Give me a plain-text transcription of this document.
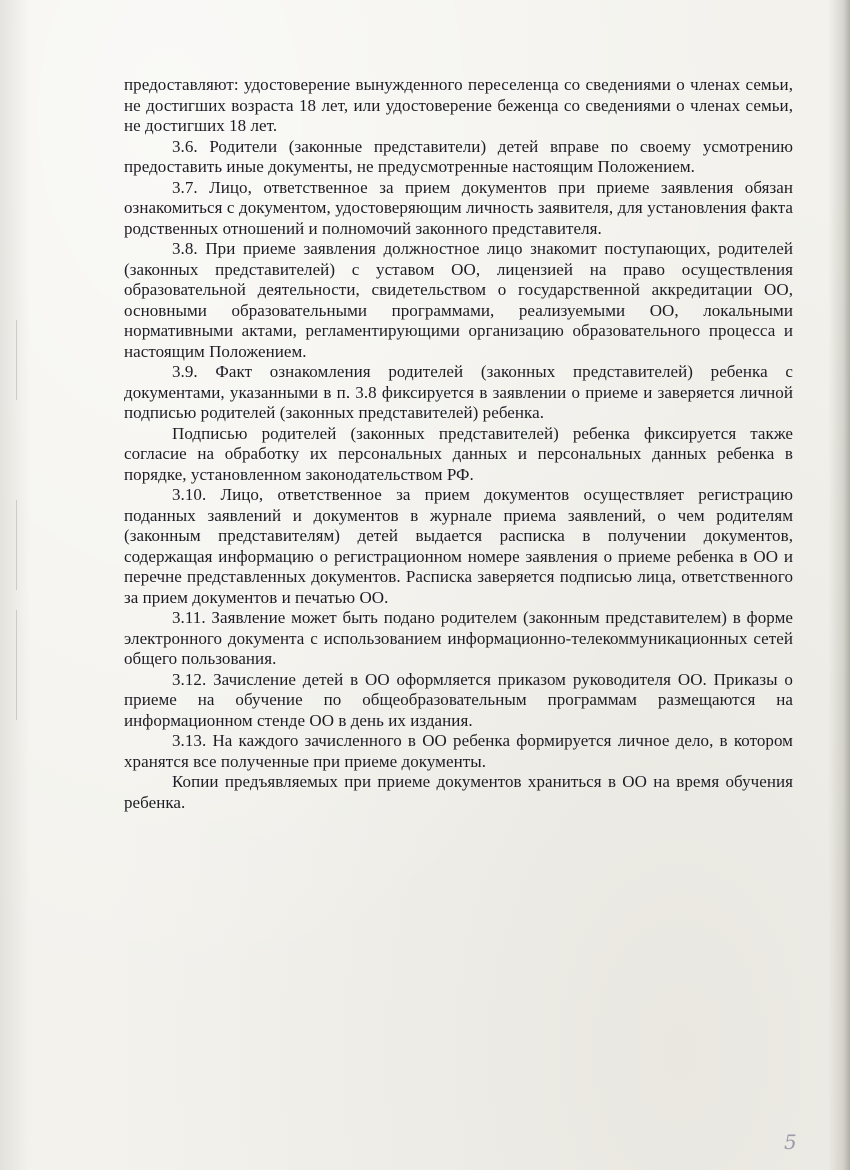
предоставляют: удостоверение вынужденного переселенца со сведениями о членах семьи, не достигших возраста 18 лет, или удостоверение беженца со сведениями о членах семьи, не достигших 18 лет.

3.6. Родители (законные представители) детей вправе по своему усмотрению предоставить иные документы, не предусмотренные настоящим Положением.

3.7. Лицо, ответственное за прием документов при приеме заявления обязан ознакомиться с документом, удостоверяющим личность заявителя, для установления факта родственных отношений и полномочий законного представителя.

3.8. При приеме заявления должностное лицо знакомит поступающих, родителей (законных представителей) с уставом ОО, лицензией на право осуществления образовательной деятельности, свидетельством о государственной аккредитации ОО, основными образовательными программами, реализуемыми ОО, локальными нормативными актами, регламентирующими организацию образовательного процесса и настоящим Положением.

3.9. Факт ознакомления родителей (законных представителей) ребенка с документами, указанными в п. 3.8 фиксируется в заявлении о приеме и заверяется личной подписью родителей (законных представителей) ребенка.

Подписью родителей (законных представителей) ребенка фиксируется также согласие на обработку их персональных данных и персональных данных ребенка в порядке, установленном законодательством РФ.

3.10. Лицо, ответственное за прием документов осуществляет регистрацию поданных заявлений и документов в журнале приема заявлений, о чем родителям (законным представителям) детей выдается расписка в получении документов, содержащая информацию о регистрационном номере заявления о приеме ребенка в ОО и перечне представленных документов. Расписка заверяется подписью лица, ответственного за прием документов и печатью ОО.

3.11. Заявление может быть подано родителем (законным представителем) в форме электронного документа с использованием информационно-телекоммуникационных сетей общего пользования.

3.12. Зачисление детей в ОО оформляется приказом руководителя ОО. Приказы о приеме на обучение по общеобразовательным программам размещаются на информационном стенде ОО в день их издания.

3.13. На каждого зачисленного в ОО ребенка формируется личное дело, в котором хранятся все полученные при приеме документы.

Копии предъявляемых при приеме документов храниться в ОО на время обучения ребенка.

5
